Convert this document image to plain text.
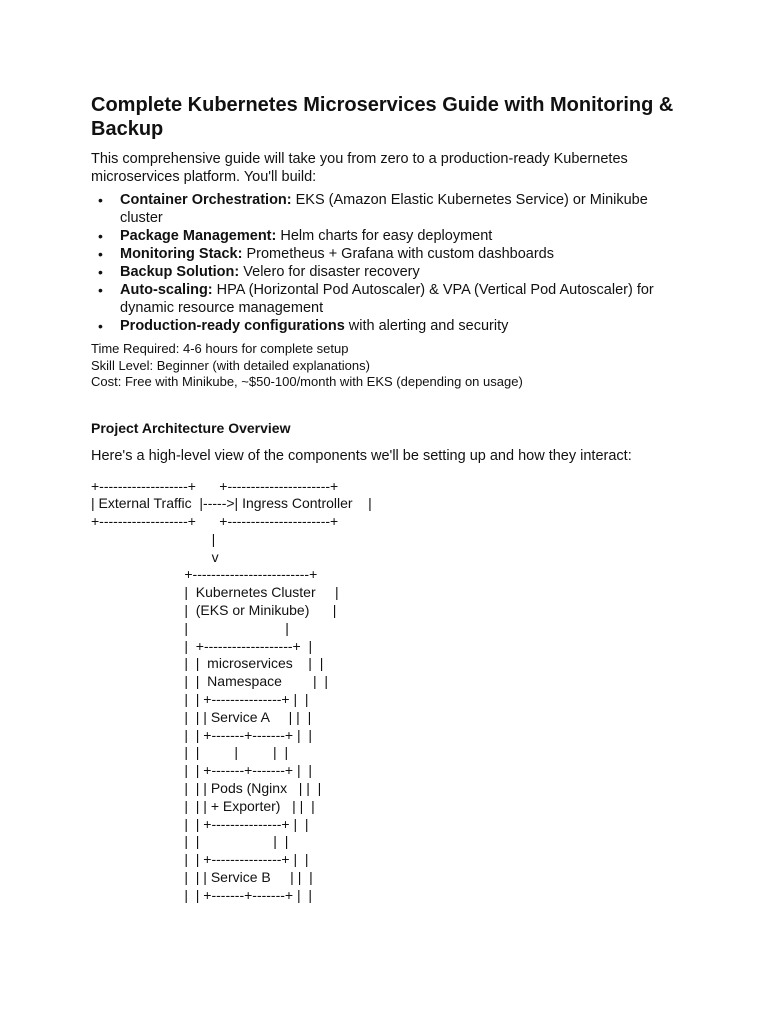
Complete Kubernetes Microservices Guide with Monitoring & Backup

This comprehensive guide will take you from zero to a production-ready Kubernetes microservices platform. You'll build:

• Container Orchestration: EKS (Amazon Elastic Kubernetes Service) or Minikube cluster
• Package Management: Helm charts for easy deployment
• Monitoring Stack: Prometheus + Grafana with custom dashboards
• Backup Solution: Velero for disaster recovery
• Auto-scaling: HPA (Horizontal Pod Autoscaler) & VPA (Vertical Pod Autoscaler) for dynamic resource management
• Production-ready configurations with alerting and security
Time Required: 4-6 hours for complete setup
Skill Level: Beginner (with detailed explanations)
Cost: Free with Minikube, ~$50-100/month with EKS (depending on usage)
Project Architecture Overview

Here's a high-level view of the components we'll be setting up and how they interact:

+-------------------+      +----------------------+
| External Traffic  |----->| Ingress Controller    |
+-------------------+      +----------------------+
|
v
+-------------------------+
|  Kubernetes Cluster     |
|  (EKS or Minikube)      |
|                         |
|  +-------------------+  |
|  |  microservices    |  |
|  |  Namespace        |  |
|  | +---------------+ |  |
|  | | Service A     | |  |
|  | +-------+-------+ |  |
|  |         |         |  |
|  | +-------+-------+ |  |
|  | | Pods (Nginx   | |  |
|  | | + Exporter)   | |  |
|  | +---------------+ |  |
|  |                   |  |
|  | +---------------+ |  |
|  | | Service B     | |  |
|  | +-------+-------+ |  |
